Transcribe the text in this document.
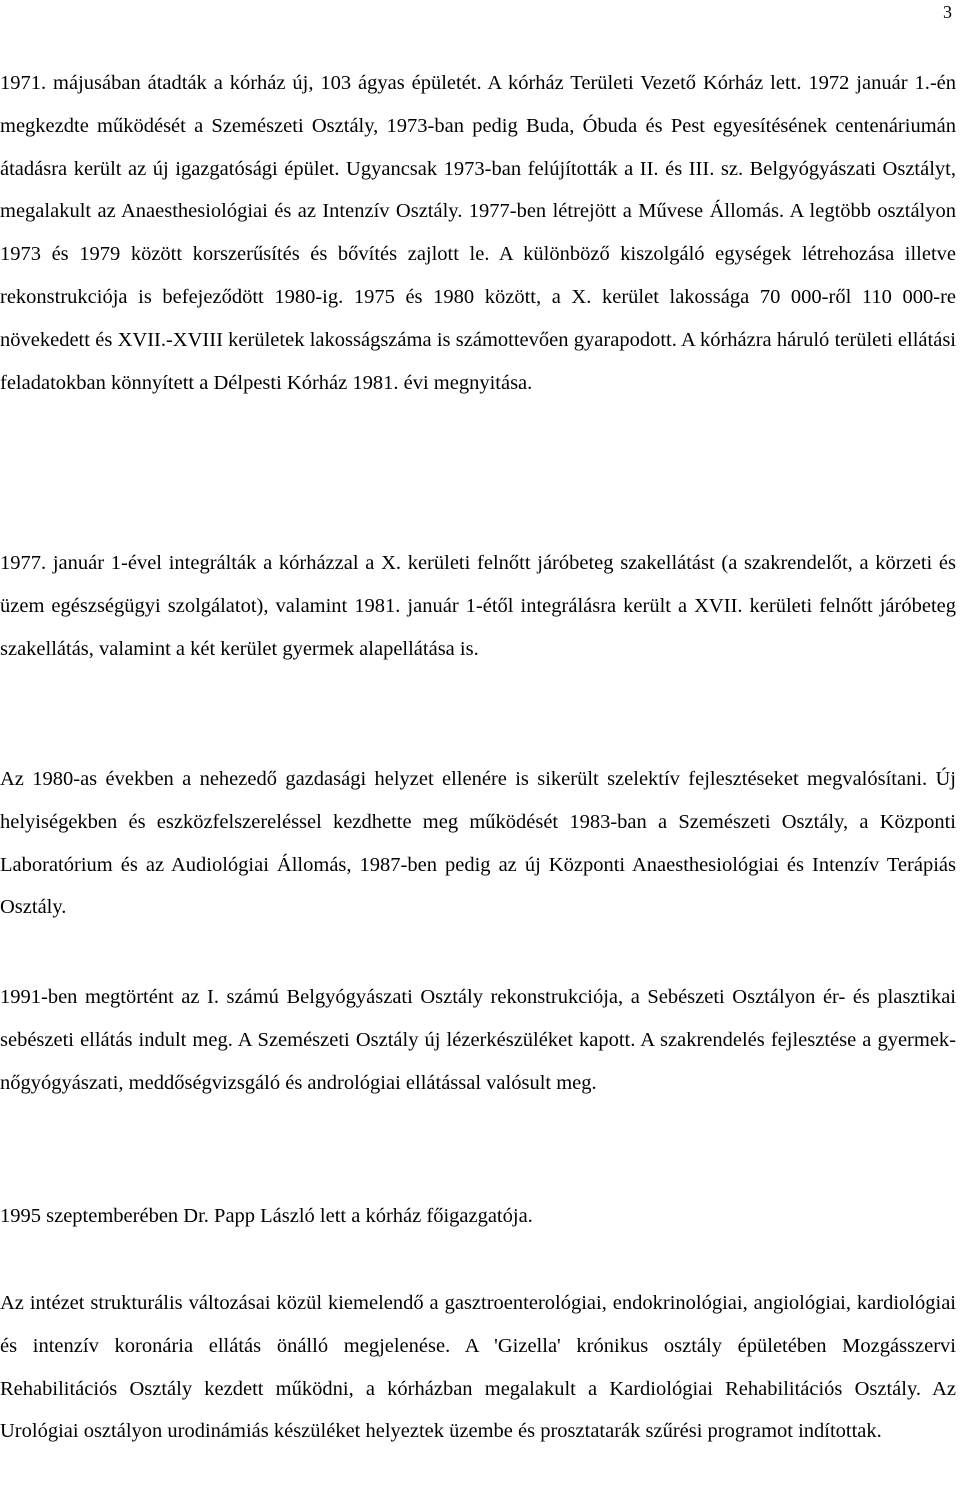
3

1971. májusában átadták a kórház új, 103 ágyas épületét. A kórház Területi Vezető Kórház lett. 1972 január 1.-én megkezdte működését a Szemészeti Osztály, 1973-ban pedig Buda, Óbuda és Pest egyesítésének centenáriumán átadásra került az új igazgatósági épület. Ugyancsak 1973-ban felújították a II. és III. sz. Belgyógyászati Osztályt, megalakult az Anaesthesiológiai és az Intenzív Osztály. 1977-ben létrejött a Művese Állomás. A legtöbb osztályon 1973 és 1979 között korszerűsítés és bővítés zajlott le. A különböző kiszolgáló egységek létrehozása illetve rekonstrukciója is befejeződött 1980-ig. 1975 és 1980 között, a X. kerület lakossága 70 000-ről 110 000-re növekedett és XVII.-XVIII kerületek lakosságszáma is számottevően gyarapodott. A kórházra háruló területi ellátási feladatokban könnyített a Délpesti Kórház 1981. évi megnyitása.

1977. január 1-ével integrálták a kórházzal a X. kerületi felnőtt járóbeteg szakellátást (a szakrendelőt, a körzeti és üzem egészségügyi szolgálatot), valamint 1981. január 1-étől integrálásra került a XVII. kerületi felnőtt járóbeteg szakellátás, valamint a két kerület gyermek alapellátása is.

Az 1980-as években a nehezedő gazdasági helyzet ellenére is sikerült szelektív fejlesztéseket megvalósítani. Új helyiségekben és eszközfelszereléssel kezdhette meg működését 1983-ban a Szemészeti Osztály, a Központi Laboratórium és az Audiológiai Állomás, 1987-ben pedig az új Központi Anaesthesiológiai és Intenzív Terápiás Osztály.

1991-ben megtörtént az I. számú Belgyógyászati Osztály rekonstrukciója, a Sebészeti Osztályon ér- és plasztikai sebészeti ellátás indult meg. A Szemészeti Osztály új lézerkészüléket kapott. A szakrendelés fejlesztése a gyermek-nőgyógyászati, meddőségvizsgáló és andrológiai ellátással valósult meg.

1995 szeptemberében Dr. Papp László lett a kórház főigazgatója.

Az intézet strukturális változásai közül kiemelendő a gasztroenterológiai, endokrinológiai, angiológiai, kardiológiai és intenzív koronária ellátás önálló megjelenése. A 'Gizella' krónikus osztály épületében Mozgásszervi Rehabilitációs Osztály kezdett működni, a kórházban megalakult a Kardiológiai Rehabilitációs Osztály. Az Urológiai osztályon urodinámiás készüléket helyeztek üzembe és prosztatarák szűrési programot indítottak.
